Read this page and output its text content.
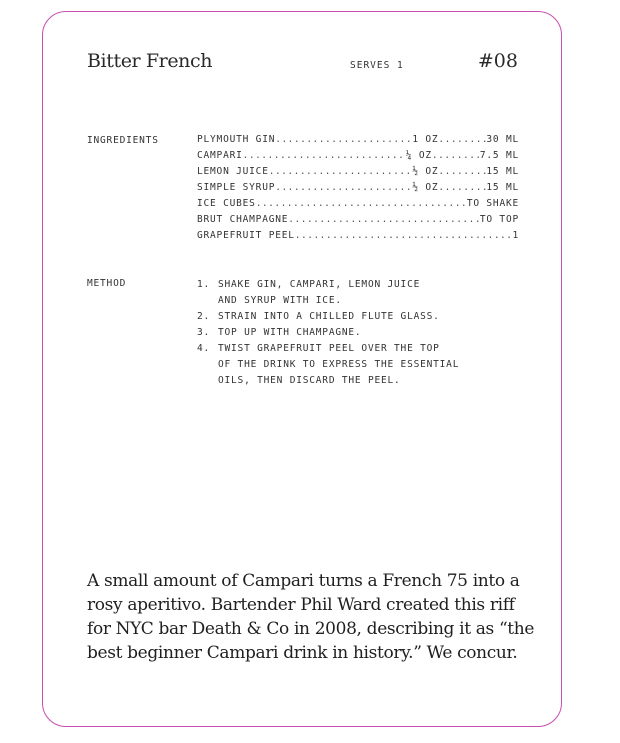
Bitter French	SERVES 1	#08
INGREDIENTS	PLYMOUTH GIN .....	1 OZ .....	30 ML
CAMPARI .....	¼ OZ .....	7.5 ML
LEMON JUICE .....	½ OZ .....	15 ML
SIMPLE SYRUP .....	½ OZ .....	15 ML
ICE CUBES .....	TO SHAKE
BRUT CHAMPAGNE .....	TO TOP
GRAPEFRUIT PEEL .....	1
METHOD	1. SHAKE GIN, CAMPARI, LEMON JUICE
AND SYRUP WITH ICE.
2. STRAIN INTO A CHILLED FLUTE GLASS.
3. TOP UP WITH CHAMPAGNE.
4. TWIST GRAPEFRUIT PEEL OVER THE TOP
OF THE DRINK TO EXPRESS THE ESSENTIAL
OILS, THEN DISCARD THE PEEL.

A small amount of Campari turns a French 75 into a rosy aperitivo. Bartender Phil Ward created this riff for NYC bar Death & Co in 2008, describing it as “the best beginner Campari drink in history.” We concur.
